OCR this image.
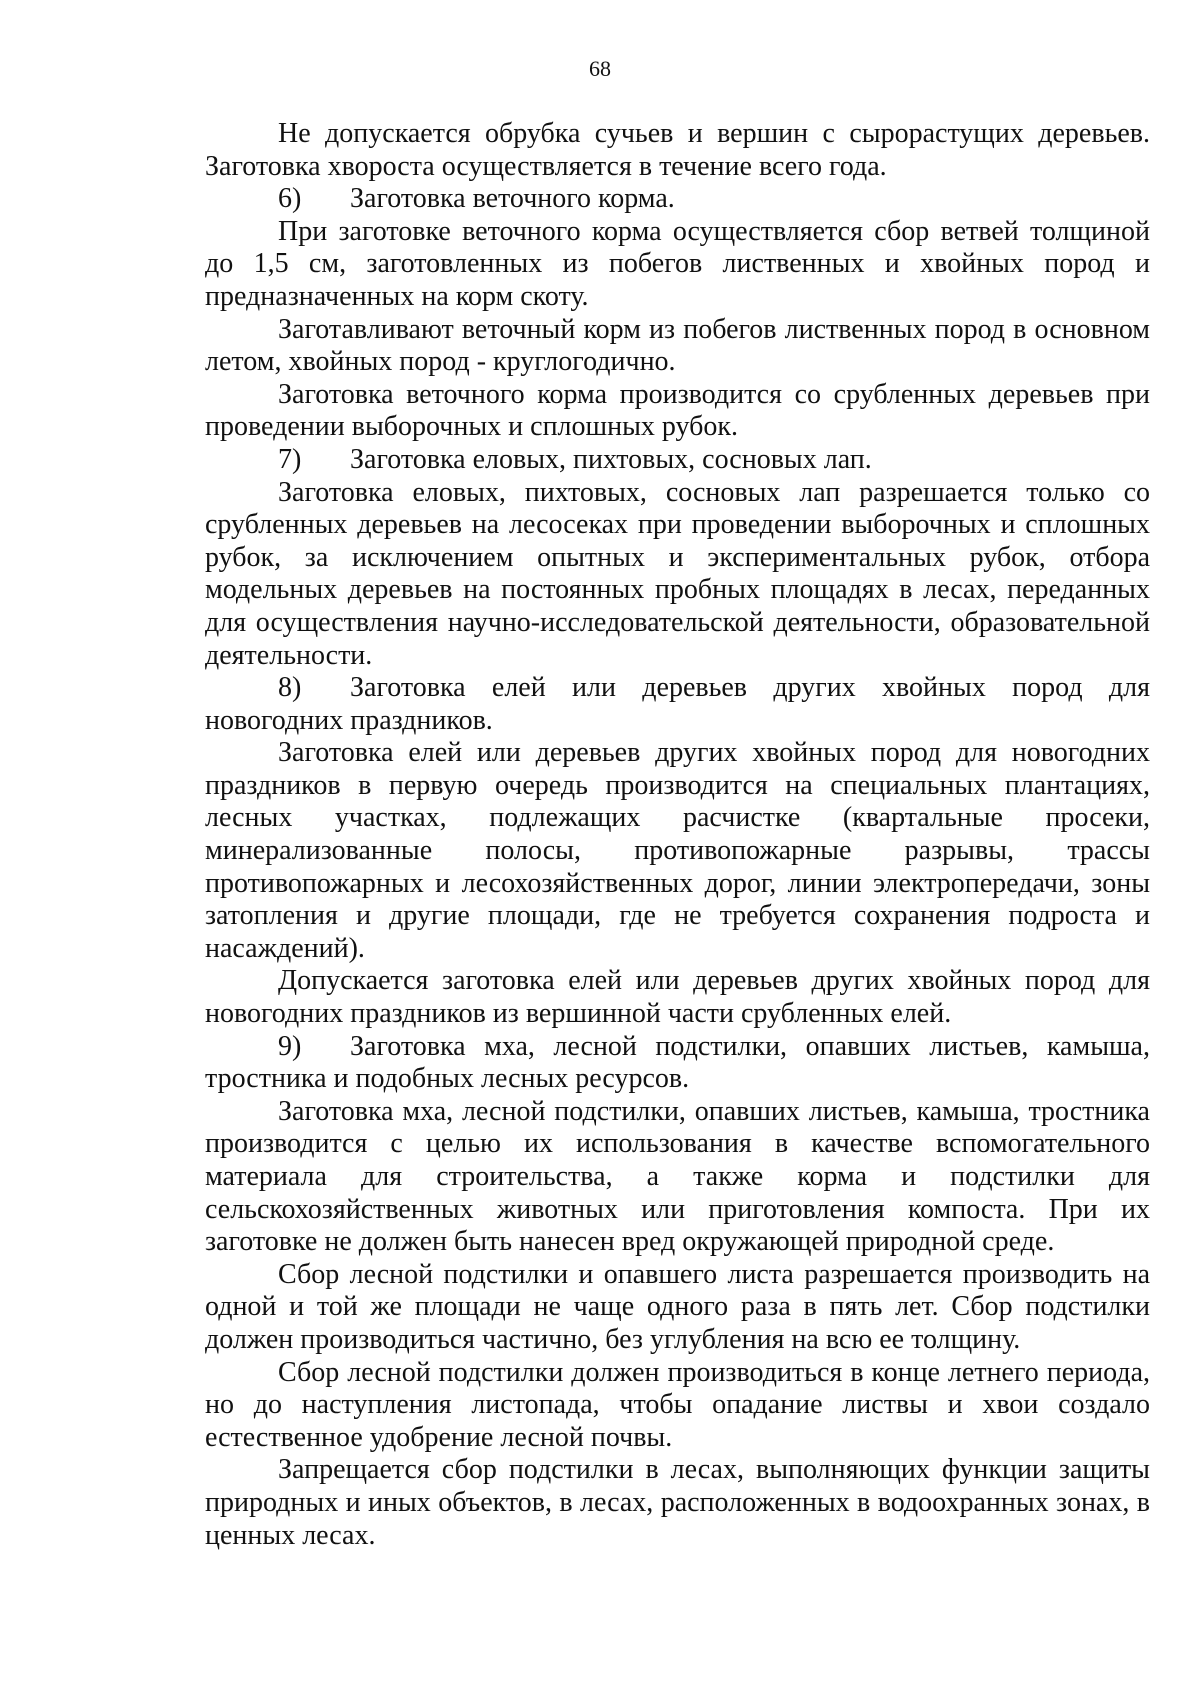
68

Не допускается обрубка сучьев и вершин с сырорастущих деревьев. Заготовка хвороста осуществляется в течение всего года.

6) Заготовка веточного корма.

При заготовке веточного корма осуществляется сбор ветвей толщиной до 1,5 см, заготовленных из побегов лиственных и хвойных пород и предназначенных на корм скоту.

Заготавливают веточный корм из побегов лиственных пород в основном летом, хвойных пород - круглогодично.

Заготовка веточного корма производится со срубленных деревьев при проведении выборочных и сплошных рубок.

7) Заготовка еловых, пихтовых, сосновых лап.

Заготовка еловых, пихтовых, сосновых лап разрешается только со срубленных деревьев на лесосеках при проведении выборочных и сплошных рубок, за исключением опытных и экспериментальных рубок, отбора модельных деревьев на постоянных пробных площадях в лесах, переданных для осуществления научно-исследовательской деятельности, образовательной деятельности.

8) Заготовка елей или деревьев других хвойных пород для новогодних праздников.

Заготовка елей или деревьев других хвойных пород для новогодних праздников в первую очередь производится на специальных плантациях, лесных участках, подлежащих расчистке (квартальные просеки, минерализованные полосы, противопожарные разрывы, трассы противопожарных и лесохозяйственных дорог, линии электропередачи, зоны затопления и другие площади, где не требуется сохранения подроста и насаждений).

Допускается заготовка елей или деревьев других хвойных пород для новогодних праздников из вершинной части срубленных елей.

9) Заготовка мха, лесной подстилки, опавших листьев, камыша, тростника и подобных лесных ресурсов.

Заготовка мха, лесной подстилки, опавших листьев, камыша, тростника производится с целью их использования в качестве вспомогательного материала для строительства, а также корма и подстилки для сельскохозяйственных животных или приготовления компоста. При их заготовке не должен быть нанесен вред окружающей природной среде.

Сбор лесной подстилки и опавшего листа разрешается производить на одной и той же площади не чаще одного раза в пять лет. Сбор подстилки должен производиться частично, без углубления на всю ее толщину.

Сбор лесной подстилки должен производиться в конце летнего периода, но до наступления листопада, чтобы опадание листвы и хвои создало естественное удобрение лесной почвы.

Запрещается сбор подстилки в лесах, выполняющих функции защиты природных и иных объектов, в лесах, расположенных в водоохранных зонах, в ценных лесах.
